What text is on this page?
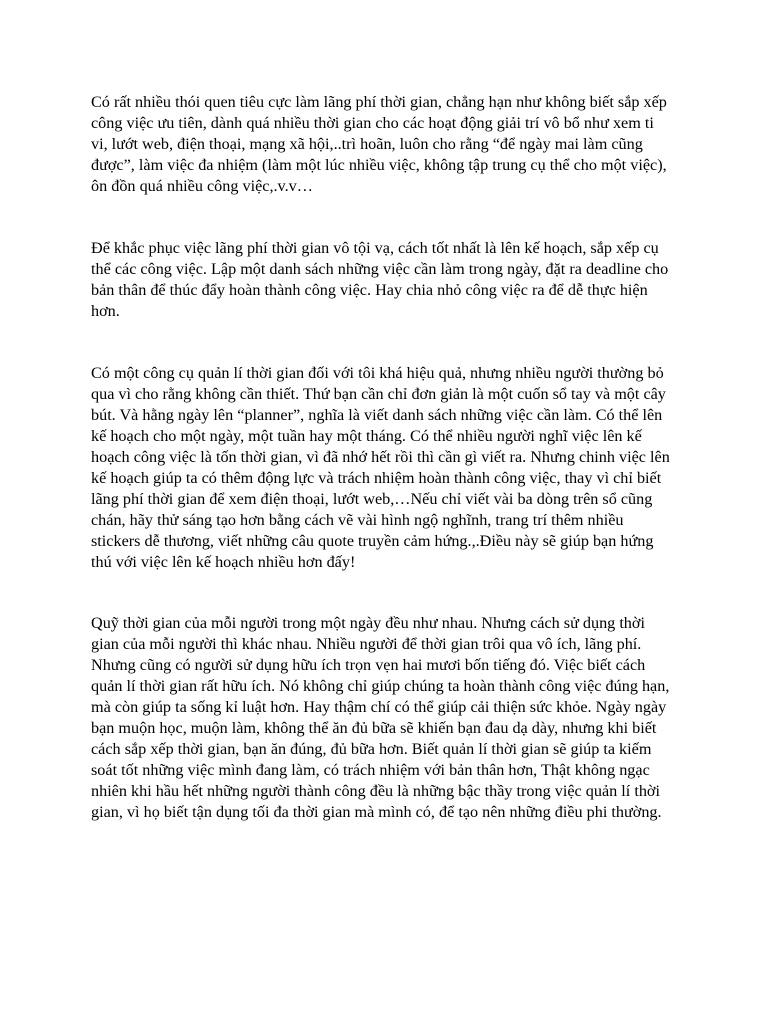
Có rất nhiều thói quen tiêu cực làm lãng phí thời gian, chẳng hạn như không biết sắp xếp
công việc ưu tiên, dành quá nhiều thời gian cho các hoạt động giải trí vô bổ như xem ti
vi, lướt web, điện thoại, mạng xã hội,..trì hoãn, luôn cho rằng “để ngày mai làm cũng
được”, làm việc đa nhiệm (làm một lúc nhiều việc, không tập trung cụ thể cho một việc),
ôn đồn quá nhiều công việc,.v.v…

Để khắc phục việc lãng phí thời gian vô tội vạ, cách tốt nhất là lên kế hoạch, sắp xếp cụ
thể các công việc. Lập một danh sách những việc cần làm trong ngày, đặt ra deadline cho
bản thân để thúc đẩy hoàn thành công việc. Hay chia nhỏ công việc ra để dễ thực hiện
hơn.

Có một công cụ quản lí thời gian đối với tôi khá hiệu quả, nhưng nhiều người thường bỏ
qua vì cho rằng không cần thiết. Thứ bạn cần chỉ đơn giản là một cuốn sổ tay và một cây
bút. Và hằng ngày lên “planner”, nghĩa là viết danh sách những việc cần làm. Có thể lên
kế hoạch cho một ngày, một tuần hay một tháng. Có thể nhiều người nghĩ việc lên kế
hoạch công việc là tốn thời gian, vì đã nhớ hết rồi thì cần gì viết ra. Nhưng chinh việc lên
kế hoạch giúp ta có thêm động lực và trách nhiệm hoàn thành công việc, thay vì chỉ biết
lãng phí thời gian để xem điện thoại, lướt web,…Nếu chỉ viết vài ba dòng trên sổ cũng
chán, hãy thử sáng tạo hơn bằng cách vẽ vài hình ngộ nghĩnh, trang trí thêm nhiều
stickers dễ thương, viết những câu quote truyền cảm hứng.,.Điều này sẽ giúp bạn hứng
thú với việc lên kế hoạch nhiều hơn đấy!

Quỹ thời gian của mỗi người trong một ngày đều như nhau. Nhưng cách sử dụng thời
gian của mỗi người thì khác nhau. Nhiều người để thời gian trôi qua vô ích, lãng phí.
Nhưng cũng có người sử dụng hữu ích trọn vẹn hai mươi bốn tiếng đó. Việc biết cách
quản lí thời gian rất hữu ích. Nó không chỉ giúp chúng ta hoàn thành công việc đúng hạn,
mà còn giúp ta sống kỉ luật hơn. Hay thậm chí có thể giúp cải thiện sức khỏe. Ngày ngày
bạn muộn học, muộn làm, không thể ăn đủ bữa sẽ khiến bạn đau dạ dày, nhưng khi biết
cách sắp xếp thời gian, bạn ăn đúng, đủ bữa hơn. Biết quản lí thời gian sẽ giúp ta kiếm
soát tốt những việc mình đang làm, có trách nhiệm với bản thân hơn, Thật không ngạc
nhiên khi hầu hết những người thành công đều là những bậc thầy trong việc quản lí thời
gian, vì họ biết tận dụng tối đa thời gian mà mình có, để tạo nên những điều phi thường.
